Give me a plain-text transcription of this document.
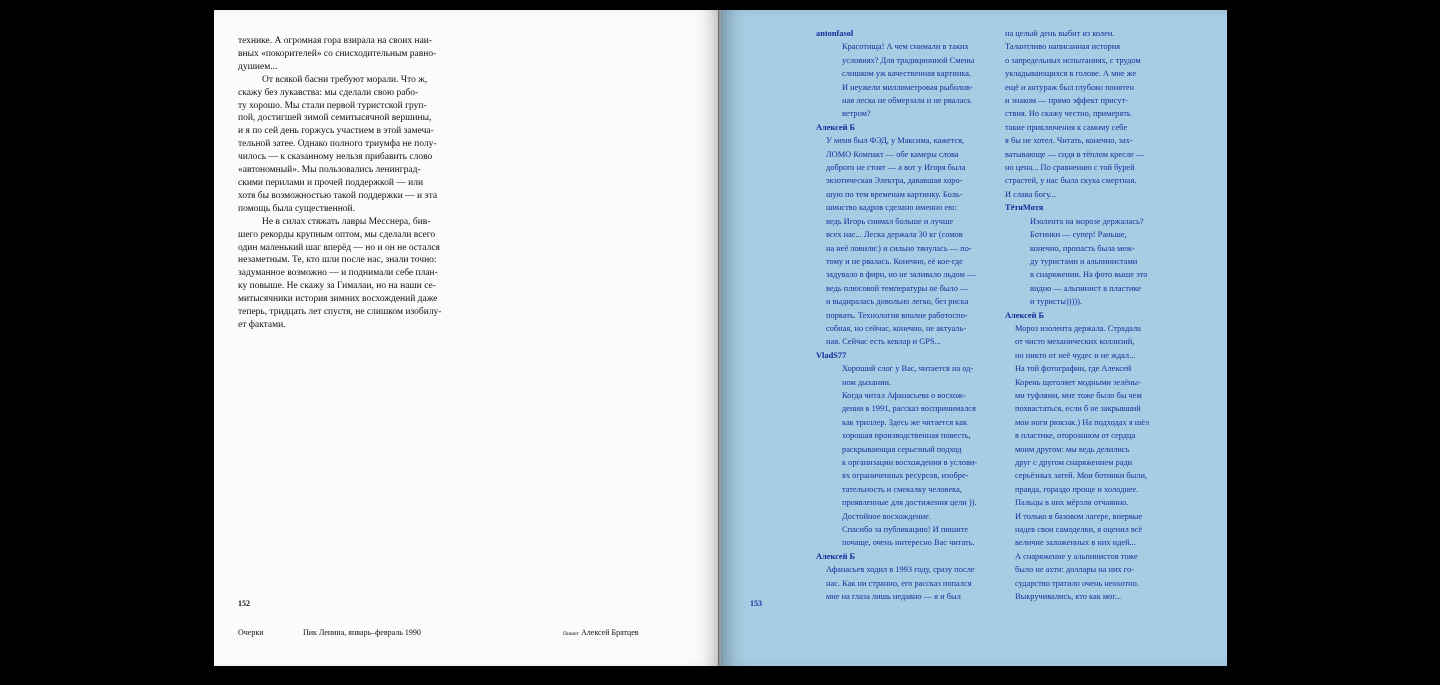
технике. А огромная гора взирала на своих наи-
вных «покорителей» со снисходительным равно-
душием...

От всякой басни требуют морали. Что ж,
скажу без лукавства: мы сделали свою рабо-
ту хорошо. Мы стали первой туристской груп-
пой, достигшей зимой семитысячной вершины,
и я по сей день горжусь участием в этой замеча-
тельной затее. Однако полного триумфа не полу-
чилось — к сказанному нельзя прибавить слово
«автономный». Мы пользовались ленинград-
скими перилами и прочей поддержкой — или
хотя бы возможностью такой поддержки — и эта
помощь была существенной.

Не в силах стяжать лавры Месснера, бив-
шего рекорды крупным оптом, мы сделали всего
один маленький шаг вперёд — но и он не остался
незаметным. Те, кто шли после нас, знали точно:
задуманное возможно — и поднимали себе план-
ку повыше. Не скажу за Гималаи, но на наши се-
митысячники история зимних восхождений даже
теперь, тридцать лет спустя, не слишком изобилу-
ет фактами.

152	153
Очерки	Пик Ленина, январь–февраль 1990	Пишет Алексей Братцев
antonfasol
Красотища! А чем снимали в таких
условиях? Для традиционной Смены
слишком уж качественная картинка.
И неужели миллиметровая рыболов-
ная леска не обмерзала и не рвалась
ветром?
Алексей Б
У меня был ФЭД, у Максима, кажется,
ЛОМО Компакт — обе камеры слова
доброго не стоят — а вот у Игоря была
экзотическая Электра, дававшая хоро-
шую по тем временам картинку. Боль-
шинство кадров сделано именно ею:
ведь Игорь снимал больше и лучше
всех нас... Леска держала 30 кг (сомов
на неё ловили:) и сильно тянулась — по-
тому и не рвалась. Конечно, её кое-где
задувало в фирн, но не заливало льдом —
ведь плюсовой температуры не было —
и выдиралась довольно легко, без риска
порвать. Технология вполне работоспо-
собная, но сейчас, конечно, не актуаль-
ная. Сейчас есть кевлар и GPS...
VladS77
Хороший слог у Вас, читается на од-
ном дыхании.
Когда читал Афанасьева о восхож-
дении в 1991, рассказ воспринимался
как триллер. Здесь же читается как
хорошая производственная повесть,
раскрывающая серьезный подход
к организации восхождения в услови-
ях ограниченных ресурсов, изобре-
тательность и смекалку человека,
проявленные для достижения цели )).
Достойное восхождение.
Спасибо за публикацию! И пишите
почаще, очень интересно Вас читать.
Алексей Б
Афанасьев ходил в 1993 году, сразу после
нас. Как ни странно, его рассказ попался
мне на глаза лишь недавно — я и был
на целый день выбит из колеи.
Талантливо написанная история
о запредельных испытаниях, с трудом
укладывающихся в голове. А мне же
ещё и антураж был глубоко понятен
и знаком — прямо эффект присут-
ствия. Но скажу честно, примерять
такие приключения к самому себе
я бы не хотел. Читать, конечно, зах-
ватывающе — сидя в тёплом кресле —
но цена... По сравнению с той бурей
страстей, у нас была скука смертная.
И слава богу...
ТётяМотя
Изолента на морозе держалась?
Ботинки — супер! Раньше,
конечно, пропасть была меж-
ду туристами и альпинистами
в снаряжении. На фото выше это
видно — альпинист в пластике
и туристы))))).
Алексей Б
Мороз изолента держала. Страдала
от чисто механических коллизий,
но никто от неё чудес и не ждал...
На той фотографии, где Алексей
Корень щеголяет модными зелёны-
ми туфлями, мне тоже было бы чем
похвастаться, если б не закрывший
мои ноги рюкзак.) На подходах я шёл
в пластике, отороанном от сердца
моим другом: мы ведь делились
друг с другом снаряжением ради
серьёзных затей. Мои ботинки были,
правда, гораздо проще и холоднее.
Пальцы в них мёрзли отчаянно.
И только в базовом лагере, впервые
надев свои самоделки, я оценил всё
величие заложенных в них идей...
А снаряжение у альпинистов тоже
было не ахти: доллары на них го-
сударство тратило очень неохотно.
Выкручивались, кто как мог...
